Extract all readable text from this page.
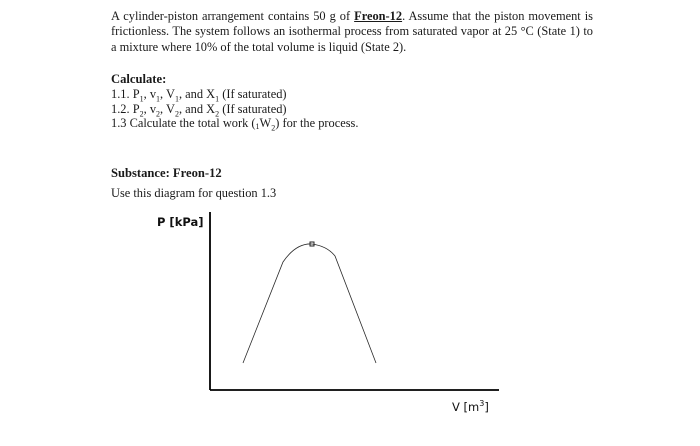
A cylinder-piston arrangement contains 50 g of Freon-12. Assume that the piston movement is frictionless. The system follows an isothermal process from saturated vapor at 25 °C (State 1) to a mixture where 10% of the total volume is liquid (State 2).
Calculate:
1.1. $P_1$, $v_1$, $V_1$, and $X_1$ (If saturated)
1.2. $P_2$, $v_2$, $V_2$, and $X_2$ (If saturated)
1.3 Calculate the total work $(1W_2)$ for the process.
Substance: Freon-12
Use this diagram for question 1.3
P [kPa]
V $[m^3]$
